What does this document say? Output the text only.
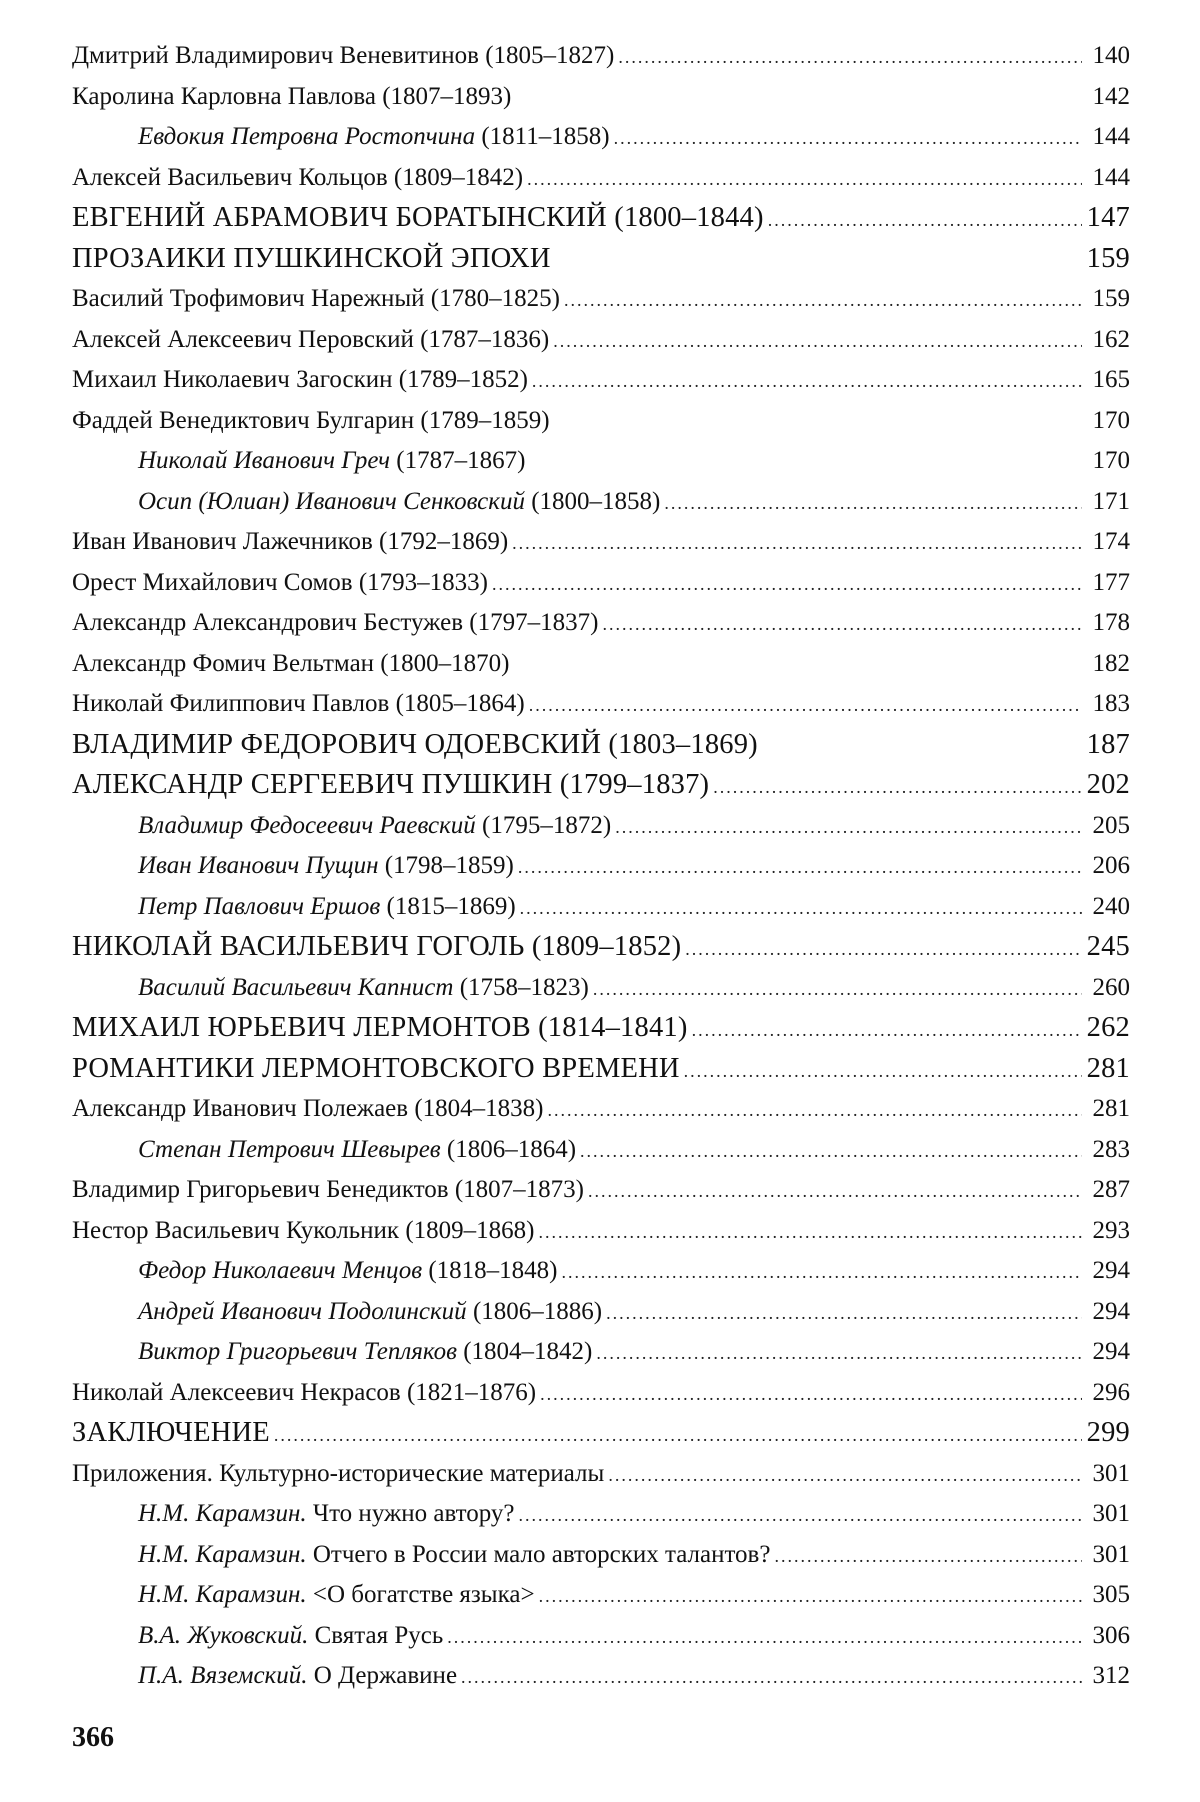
Дмитрий Владимирович Веневитинов (1805–1827) .....	140
Каролина Карловна Павлова (1807–1893)	142
Евдокия Петровна Ростопчина (1811–1858) .....	144
Алексей Васильевич Кольцов (1809–1842) .....	144
ЕВГЕНИЙ АБРАМОВИЧ БОРАТЫНСКИЙ (1800–1844) .....	147
ПРОЗАИКИ ПУШКИНСКОЙ ЭПОХИ	159
Василий Трофимович Нарежный (1780–1825) .....	159
Алексей Алексеевич Перовский (1787–1836) .....	162
Михаил Николаевич Загоскин (1789–1852) .....	165
Фаддей Венедиктович Булгарин (1789–1859)	170
Николай Иванович Греч (1787–1867)	170
Осип (Юлиан) Иванович Сенковский (1800–1858) .....	171
Иван Иванович Лажечников (1792–1869) .....	174
Орест Михайлович Сомов (1793–1833) .....	177
Александр Александрович Бестужев (1797–1837) .....	178
Александр Фомич Вельтман (1800–1870)	182
Николай Филиппович Павлов (1805–1864) .....	183
ВЛАДИМИР ФЕДОРОВИЧ ОДОЕВСКИЙ (1803–1869)	187
АЛЕКСАНДР СЕРГЕЕВИЧ ПУШКИН (1799–1837) .....	202
Владимир Федосеевич Раевский (1795–1872) .....	205
Иван Иванович Пущин (1798–1859) .....	206
Петр Павлович Ершов (1815–1869) .....	240
НИКОЛАЙ ВАСИЛЬЕВИЧ ГОГОЛЬ (1809–1852) .....	245
Василий Васильевич Капнист (1758–1823) .....	260
МИХАИЛ ЮРЬЕВИЧ ЛЕРМОНТОВ (1814–1841) .....	262
РОМАНТИКИ ЛЕРМОНТОВСКОГО ВРЕМЕНИ .....	281
Александр Иванович Полежаев (1804–1838) .....	281
Степан Петрович Шевырев (1806–1864) .....	283
Владимир Григорьевич Бенедиктов (1807–1873) .....	287
Нестор Васильевич Кукольник (1809–1868) .....	293
Федор Николаевич Менцов (1818–1848) .....	294
Андрей Иванович Подолинский (1806–1886) .....	294
Виктор Григорьевич Тепляков (1804–1842) .....	294
Николай Алексеевич Некрасов (1821–1876) .....	296
ЗАКЛЮЧЕНИЕ .....	299
Приложения. Культурно-исторические материалы .....	301
Н.М. Карамзин. Что нужно автору? .....	301
Н.М. Карамзин. Отчего в России мало авторских талантов? .....	301
Н.М. Карамзин. <О богатстве языка> .....	305
В.А. Жуковский. Святая Русь .....	306
П.А. Вяземский. О Державине .....	312
366
